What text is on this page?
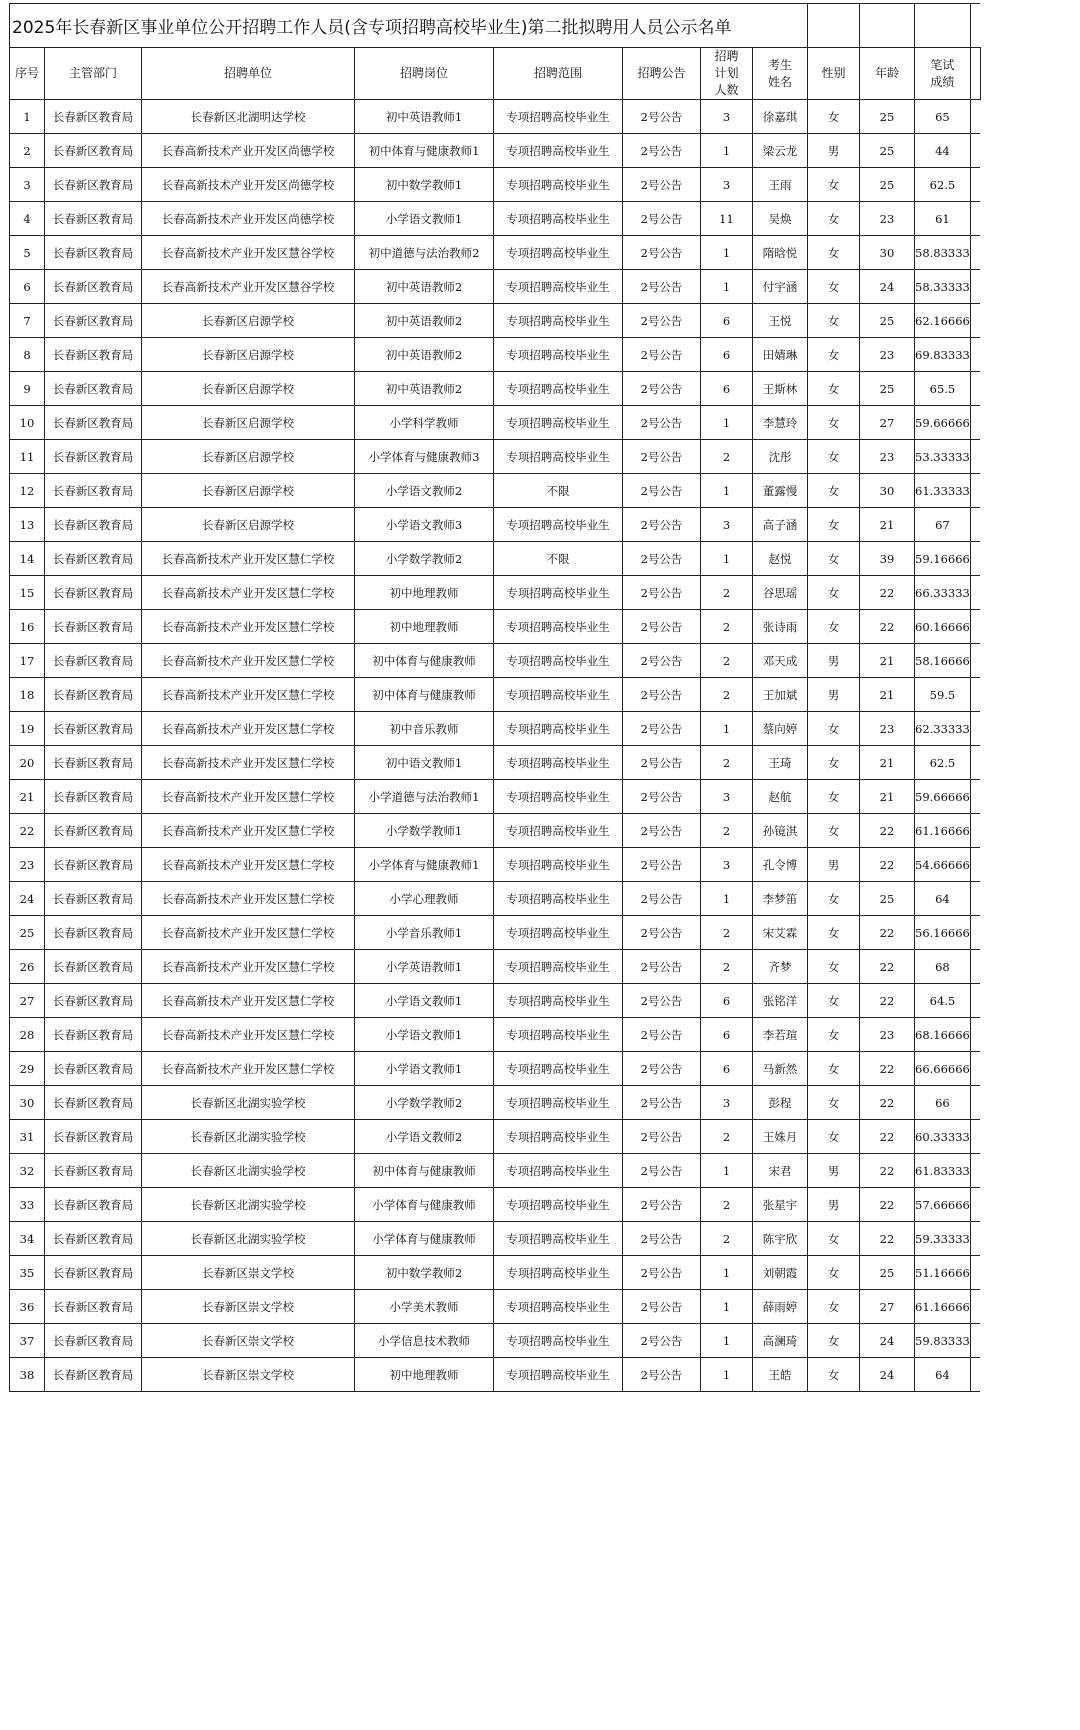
2025年长春新区事业单位公开招聘工作人员(含专项招聘高校毕业生)第二批拟聘用人员公示名单											
序号	主管部门	招聘单位	招聘岗位	招聘范围	招聘公告	招聘计划人数	考生姓名	性别	年龄	笔试成绩	
1	长春新区教育局	长春新区北湖明达学校	初中英语教师1	专项招聘高校毕业生	2号公告	3	徐嘉琪	女	25	65	
2	长春新区教育局	长春高新技术产业开发区尚德学校	初中体育与健康教师1	专项招聘高校毕业生	2号公告	1	梁云龙	男	25	44	
3	长春新区教育局	长春高新技术产业开发区尚德学校	初中数学教师1	专项招聘高校毕业生	2号公告	3	王雨	女	25	62.5	
4	长春新区教育局	长春高新技术产业开发区尚德学校	小学语文教师1	专项招聘高校毕业生	2号公告	11	吴焕	女	23	61	
5	长春新区教育局	长春高新技术产业开发区慧谷学校	初中道德与法治教师2	专项招聘高校毕业生	2号公告	1	隋晗悦	女	30	58.83333	
6	长春新区教育局	长春高新技术产业开发区慧谷学校	初中英语教师2	专项招聘高校毕业生	2号公告	1	付宇涵	女	24	58.33333	
7	长春新区教育局	长春新区启源学校	初中英语教师2	专项招聘高校毕业生	2号公告	6	王悦	女	25	62.16666	
8	长春新区教育局	长春新区启源学校	初中英语教师2	专项招聘高校毕业生	2号公告	6	田婧琳	女	23	69.83333	
9	长春新区教育局	长春新区启源学校	初中英语教师2	专项招聘高校毕业生	2号公告	6	王斯林	女	25	65.5	
10	长春新区教育局	长春新区启源学校	小学科学教师	专项招聘高校毕业生	2号公告	1	李慧玲	女	27	59.66666	
11	长春新区教育局	长春新区启源学校	小学体育与健康教师3	专项招聘高校毕业生	2号公告	2	沈彤	女	23	53.33333	
12	长春新区教育局	长春新区启源学校	小学语文教师2	不限	2号公告	1	董露慢	女	30	61.33333	
13	长春新区教育局	长春新区启源学校	小学语文教师3	专项招聘高校毕业生	2号公告	3	高子涵	女	21	67	
14	长春新区教育局	长春高新技术产业开发区慧仁学校	小学数学教师2	不限	2号公告	1	赵悦	女	39	59.16666	
15	长春新区教育局	长春高新技术产业开发区慧仁学校	初中地理教师	专项招聘高校毕业生	2号公告	2	谷思瑶	女	22	66.33333	
16	长春新区教育局	长春高新技术产业开发区慧仁学校	初中地理教师	专项招聘高校毕业生	2号公告	2	张诗雨	女	22	60.16666	
17	长春新区教育局	长春高新技术产业开发区慧仁学校	初中体育与健康教师	专项招聘高校毕业生	2号公告	2	邓天成	男	21	58.16666	
18	长春新区教育局	长春高新技术产业开发区慧仁学校	初中体育与健康教师	专项招聘高校毕业生	2号公告	2	王加斌	男	21	59.5	
19	长春新区教育局	长春高新技术产业开发区慧仁学校	初中音乐教师	专项招聘高校毕业生	2号公告	1	蔡向婷	女	23	62.33333	
20	长春新区教育局	长春高新技术产业开发区慧仁学校	初中语文教师1	专项招聘高校毕业生	2号公告	2	王琦	女	21	62.5	
21	长春新区教育局	长春高新技术产业开发区慧仁学校	小学道德与法治教师1	专项招聘高校毕业生	2号公告	3	赵航	女	21	59.66666	
22	长春新区教育局	长春高新技术产业开发区慧仁学校	小学数学教师1	专项招聘高校毕业生	2号公告	2	孙镜淇	女	22	61.16666	
23	长春新区教育局	长春高新技术产业开发区慧仁学校	小学体育与健康教师1	专项招聘高校毕业生	2号公告	3	孔令博	男	22	54.66666	
24	长春新区教育局	长春高新技术产业开发区慧仁学校	小学心理教师	专项招聘高校毕业生	2号公告	1	李梦笛	女	25	64	
25	长春新区教育局	长春高新技术产业开发区慧仁学校	小学音乐教师1	专项招聘高校毕业生	2号公告	2	宋艾霖	女	22	56.16666	
26	长春新区教育局	长春高新技术产业开发区慧仁学校	小学英语教师1	专项招聘高校毕业生	2号公告	2	齐梦	女	22	68	
27	长春新区教育局	长春高新技术产业开发区慧仁学校	小学语文教师1	专项招聘高校毕业生	2号公告	6	张铭洋	女	22	64.5	
28	长春新区教育局	长春高新技术产业开发区慧仁学校	小学语文教师1	专项招聘高校毕业生	2号公告	6	李若瑄	女	23	68.16666	
29	长春新区教育局	长春高新技术产业开发区慧仁学校	小学语文教师1	专项招聘高校毕业生	2号公告	6	马新然	女	22	66.66666	
30	长春新区教育局	长春新区北湖实验学校	小学数学教师2	专项招聘高校毕业生	2号公告	3	彭程	女	22	66	
31	长春新区教育局	长春新区北湖实验学校	小学语文教师2	专项招聘高校毕业生	2号公告	2	王姝月	女	22	60.33333	
32	长春新区教育局	长春新区北湖实验学校	初中体育与健康教师	专项招聘高校毕业生	2号公告	1	宋君	男	22	61.83333	
33	长春新区教育局	长春新区北湖实验学校	小学体育与健康教师	专项招聘高校毕业生	2号公告	2	张星宇	男	22	57.66666	
34	长春新区教育局	长春新区北湖实验学校	小学体育与健康教师	专项招聘高校毕业生	2号公告	2	陈宇欣	女	22	59.33333	
35	长春新区教育局	长春新区崇文学校	初中数学教师2	专项招聘高校毕业生	2号公告	1	刘朝霞	女	25	51.16666	
36	长春新区教育局	长春新区崇文学校	小学美术教师	专项招聘高校毕业生	2号公告	1	薛雨婷	女	27	61.16666	
37	长春新区教育局	长春新区崇文学校	小学信息技术教师	专项招聘高校毕业生	2号公告	1	高澜琦	女	24	59.83333	
38	长春新区教育局	长春新区崇文学校	初中地理教师	专项招聘高校毕业生	2号公告	1	王皓	女	24	64	
